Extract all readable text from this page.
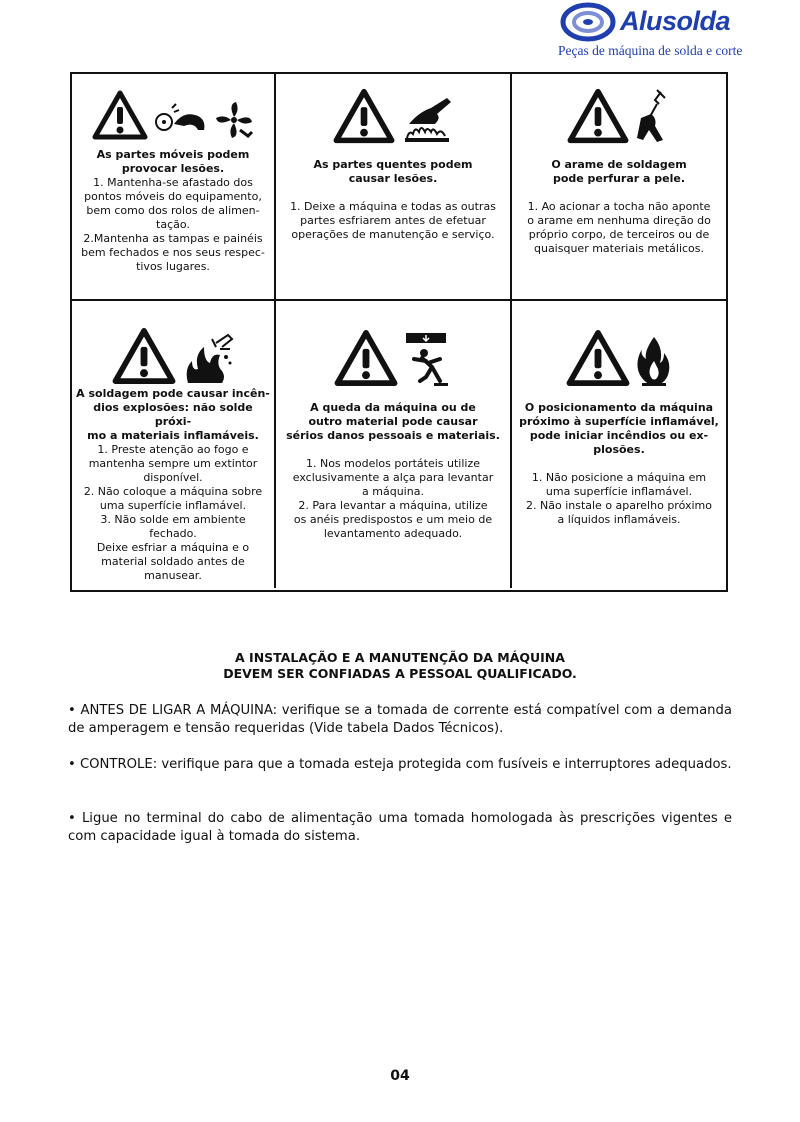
Alusolda
Peças de máquina de solda e corte
As partes móveis podem
provocar lesões.
1. Mantenha-se afastado dos
pontos móveis do equipamento,
bem como dos rolos de alimen-
tação.
2.Mantenha as tampas e painéis
bem fechados e nos seus respec-
tivos lugares.
As partes quentes podem
causar lesões.
1. Deixe a máquina e todas as outras
partes esfriarem antes de efetuar
operações de manutenção e serviço.
O arame de soldagem
pode perfurar a pele.
1. Ao acionar a tocha não aponte
o arame em nenhuma direção do
próprio corpo, de terceiros ou de
quaisquer materiais metálicos.
A soldagem pode causar incên-
dios explosões: não solde próxi-
mo a materiais inflamáveis.
1. Preste atenção ao fogo e
mantenha sempre um extintor
disponível.
2. Não coloque a máquina sobre
uma superfície inflamável.
3. Não solde em ambiente
fechado.
Deixe esfriar a máquina e o
material soldado antes de
manusear.
A queda da máquina ou de
outro material pode causar
sérios danos pessoais e materiais.
1. Nos modelos portáteis utilize
exclusivamente a alça para levantar
a máquina.
2. Para levantar a máquina, utilize
os anéis predispostos e um meio de
levantamento adequado.
O posicionamento da máquina
próximo à superfície inflamável,
pode iniciar incêndios ou ex-
plosões.
1. Não posicione a máquina em
uma superfície inflamável.
2. Não instale o aparelho próximo
a líquidos inflamáveis.
A INSTALAÇÃO E A MANUTENÇÃO DA MÁQUINA
DEVEM SER CONFIADAS A PESSOAL QUALIFICADO.
• ANTES DE LIGAR A MÁQUINA: verifique se a tomada de corrente está compatível com a demanda de amperagem e tensão requeridas (Vide tabela Dados Técnicos).
• CONTROLE: verifique para que a tomada esteja protegida com fusíveis e interruptores adequados.
• Ligue no terminal do cabo de alimentação uma tomada homologada às prescrições vigentes e com capacidade igual à tomada do sistema.
04
